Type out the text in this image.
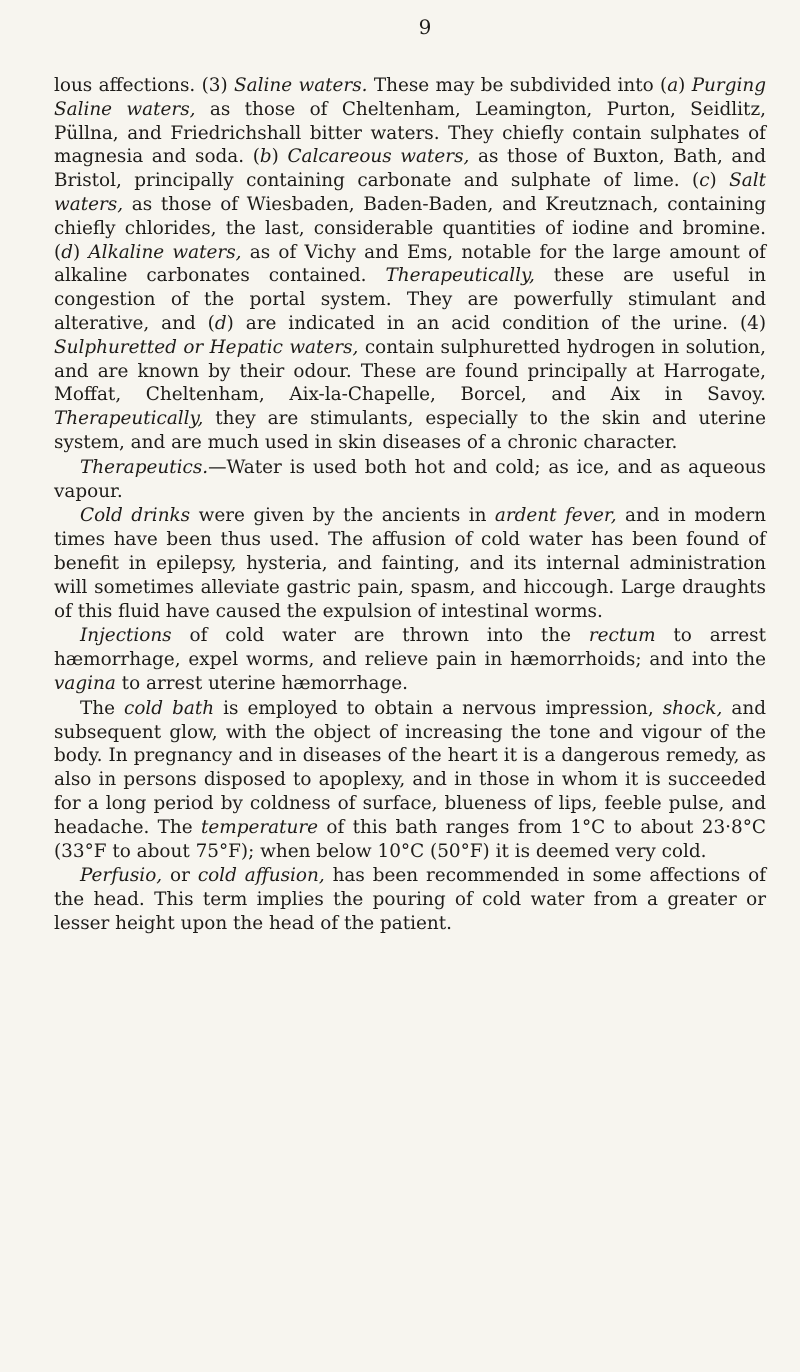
9

lous affections. (3) Saline waters. These may be subdivided into (a) Purging Saline waters, as those of Cheltenham, Leamington, Purton, Seidlitz, Püllna, and Friedrichshall bitter waters. They chiefly contain sulphates of magnesia and soda. (b) Calcareous waters, as those of Buxton, Bath, and Bristol, principally containing carbonate and sulphate of lime. (c) Salt waters, as those of Wiesbaden, Baden-Baden, and Kreutznach, containing chiefly chlorides, the last, considerable quantities of iodine and bromine. (d) Alkaline waters, as of Vichy and Ems, notable for the large amount of alkaline carbonates contained. Therapeutically, these are useful in congestion of the portal system. They are powerfully stimulant and alterative, and (d) are indicated in an acid condition of the urine. (4) Sulphuretted or Hepatic waters, contain sulphuretted hydrogen in solution, and are known by their odour. These are found principally at Harrogate, Moffat, Cheltenham, Aix-la-Chapelle, Borcel, and Aix in Savoy. Therapeutically, they are stimulants, especially to the skin and uterine system, and are much used in skin diseases of a chronic character.

Therapeutics.—Water is used both hot and cold; as ice, and as aqueous vapour.

Cold drinks were given by the ancients in ardent fever, and in modern times have been thus used. The affusion of cold water has been found of benefit in epilepsy, hysteria, and fainting, and its internal administration will sometimes alleviate gastric pain, spasm, and hiccough. Large draughts of this fluid have caused the expulsion of intestinal worms.

Injections of cold water are thrown into the rectum to arrest hæmorrhage, expel worms, and relieve pain in hæmorrhoids; and into the vagina to arrest uterine hæmorrhage.

The cold bath is employed to obtain a nervous impression, shock, and subsequent glow, with the object of increasing the tone and vigour of the body. In pregnancy and in diseases of the heart it is a dangerous remedy, as also in persons disposed to apoplexy, and in those in whom it is succeeded for a long period by coldness of surface, blueness of lips, feeble pulse, and headache. The temperature of this bath ranges from 1°C to about 23·8°C (33°F to about 75°F); when below 10°C (50°F) it is deemed very cold.

Perfusio, or cold affusion, has been recommended in some affections of the head. This term implies the pouring of cold water from a greater or lesser height upon the head of the patient.
